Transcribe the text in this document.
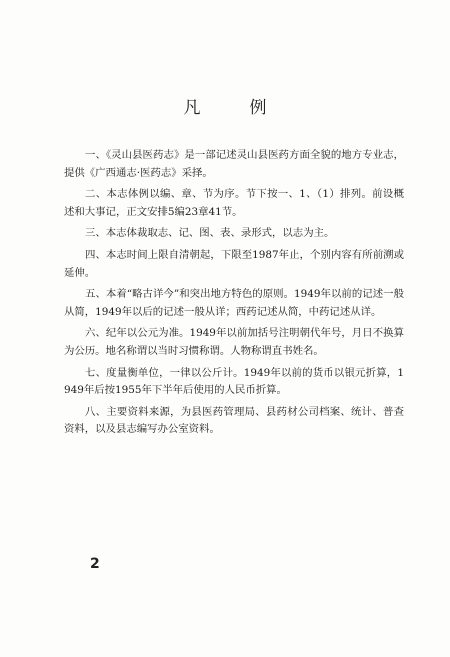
凡　例

一、《灵山县医药志》是一部记述灵山县医药方面全貌的地方专业志，提供《广西通志·医药志》采择。

二、本志体例以编、章、节为序。节下按一、1、（1）排列。前设概述和大事记，正文安排5编23章41节。

三、本志体裁取志、记、图、表、录形式，以志为主。

四、本志时间上限自清朝起，下限至1987年止，个别内容有所前溯或延伸。

五、本着“略古详今”和突出地方特色的原则。1949年以前的记述一般从简，1949年以后的记述一般从详；西药记述从简，中药记述从详。

六、纪年以公元为准。1949年以前加括号注明朝代年号，月日不换算为公历。地名称谓以当时习惯称谓。人物称谓直书姓名。

七、度量衡单位，一律以公斤计。1949年以前的货币以银元折算，1949年后按1955年下半年后使用的人民币折算。

八、主要资料来源，为县医药管理局、县药材公司档案、统计、普查资料，以及县志编写办公室资料。

2
